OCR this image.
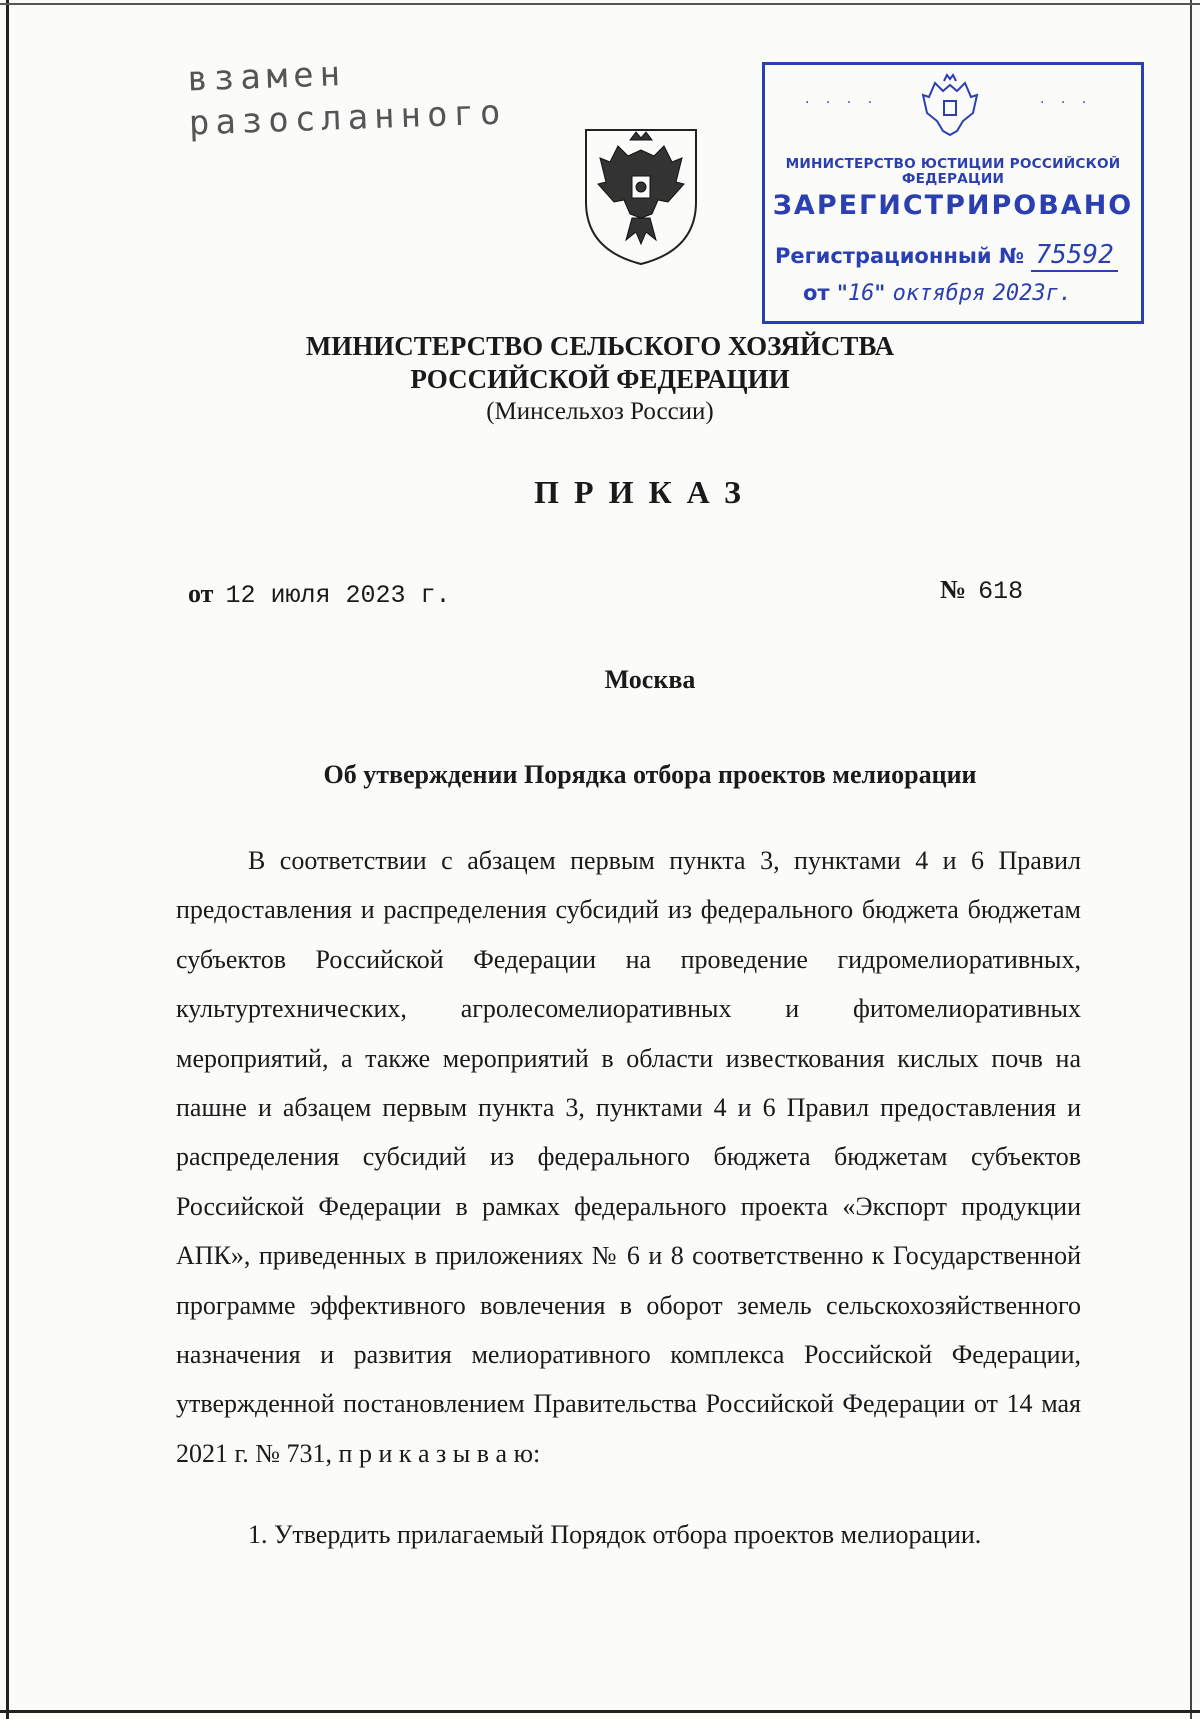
взамен
разосланного	· · · ·	· · ·
МИНИСТЕРСТВО ЮСТИЦИИ РОССИЙСКОЙ ФЕДЕРАЦИИ
ЗАРЕГИСТРИРОВАНО
Регистрационный № 75592
от "16" октября 2023г.
МИНИСТЕРСТВО СЕЛЬСКОГО ХОЗЯЙСТВА
РОССИЙСКОЙ ФЕДЕРАЦИИ
(Минсельхоз России)
ПРИКАЗ
от 12 июля 2023 г.	№ 618
Москва
Об утверждении Порядка отбора проектов мелиорации
В соответствии с абзацем первым пункта 3, пунктами 4 и 6 Правил предоставления и распределения субсидий из федерального бюджета бюджетам субъектов Российской Федерации на проведение гидромелиоративных, культуртехнических, агролесомелиоративных и фитомелиоративных мероприятий, а также мероприятий в области известкования кислых почв на пашне и абзацем первым пункта 3, пунктами 4 и 6 Правил предоставления и распределения субсидий из федерального бюджета бюджетам субъектов Российской Федерации в рамках федерального проекта «Экспорт продукции АПК», приведенных в приложениях № 6 и 8 соответственно к Государственной программе эффективного вовлечения в оборот земель сельскохозяйственного назначения и развития мелиоративного комплекса Российской Федерации, утвержденной постановлением Правительства Российской Федерации от 14 мая 2021 г. № 731, п р и к а з ы в а ю:
1. Утвердить прилагаемый Порядок отбора проектов мелиорации.
